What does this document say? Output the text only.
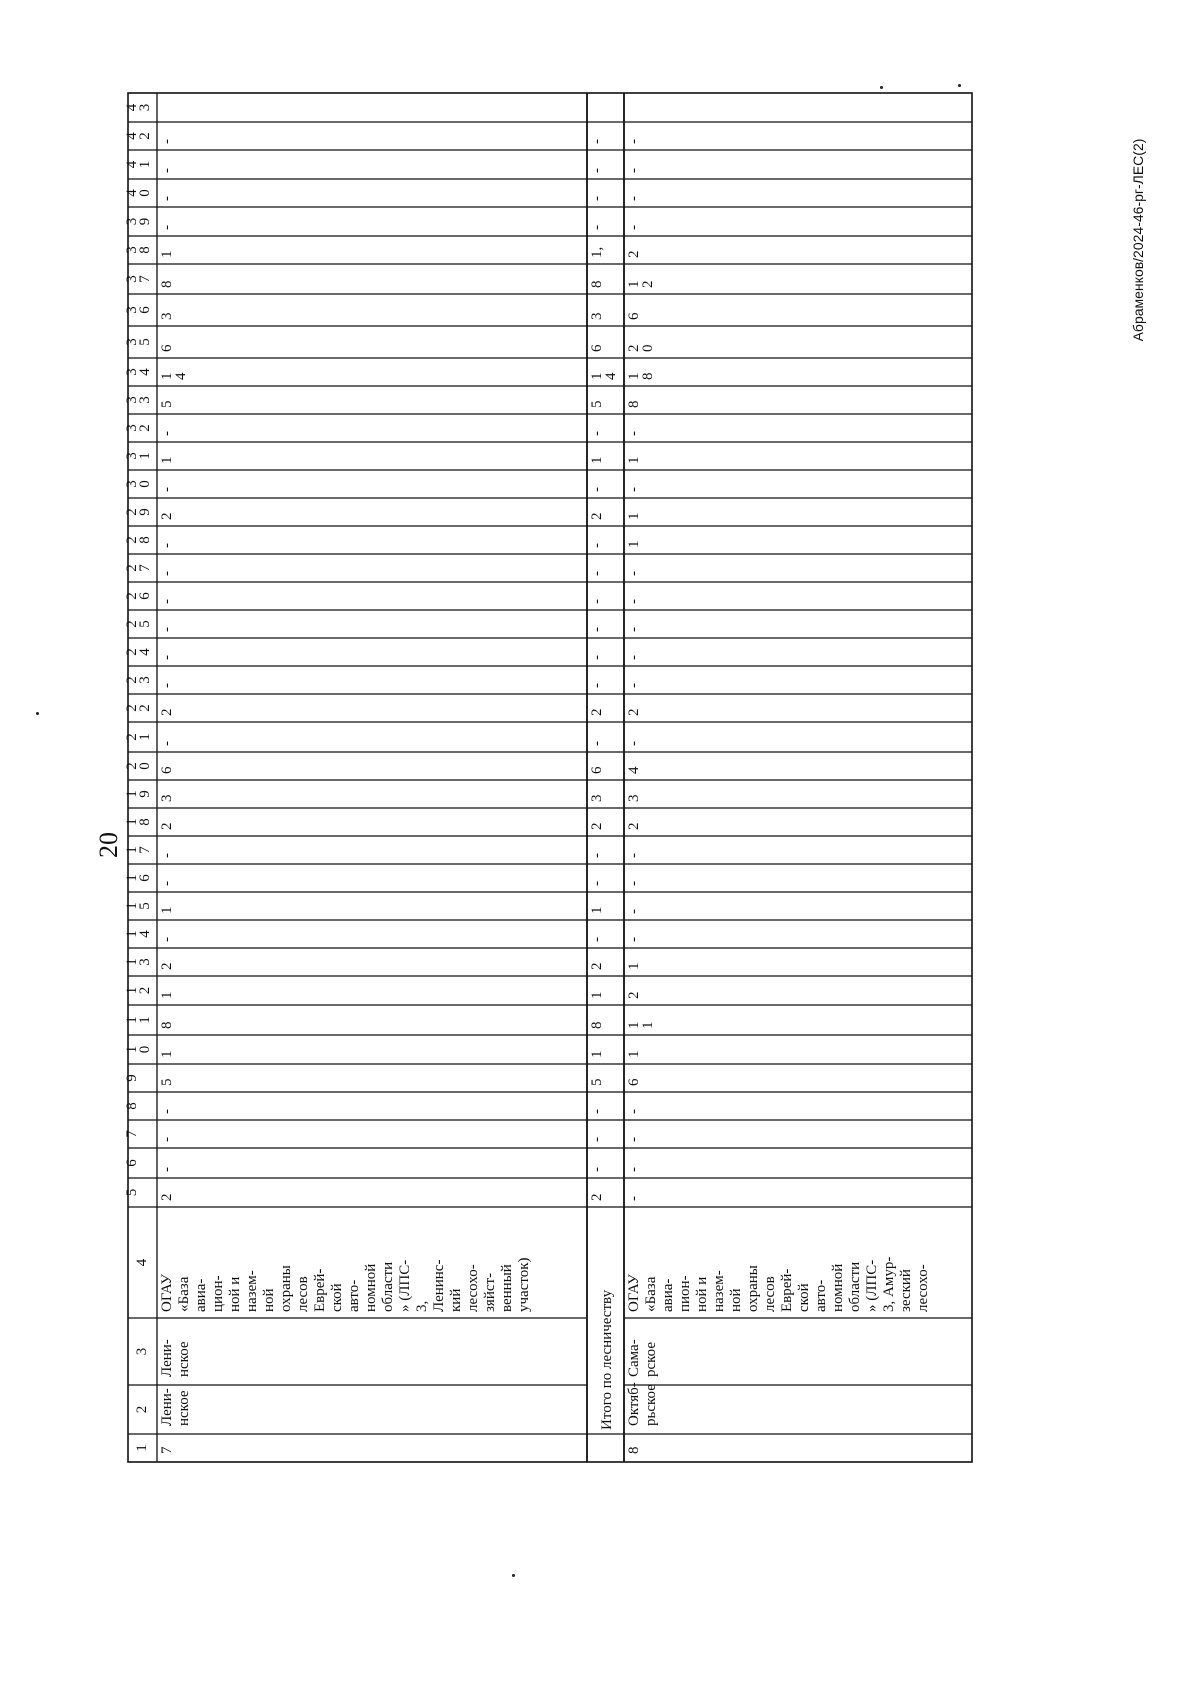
20
Абраменков/2024-46-рг-ЛЕС(2)
1
2
3
4
5
6
7
8
9
1
0
1
1
1
2
1
3
1
4
1
5
1
6
1
7
1
8
1
9
2
0
2
1
2
2
2
3
2
4
2
5
2
6
2
7
2
8
2
9
3
0
3
1
3
2
3
3
3
4
3
5
3
6
3
7
3
8
3
9
4
0
4
1
4
2
4
3
2
-
-
-
5
1
8
1
2
-
1
-
-
2
3
6
-
2
-
-
-
-
-
-
2
-
1
-
5
1
4
6
3
8
1
-
-
-
-
7
Лени- нское
Лени- нское
ОГАУ «База авиа- цион- ной и назем- ной охраны лесов Еврей- ской авто- номной области » (ЛПС- 3, Ленинс- кий лесохо- зяйст- венный участок)
-
-
-
-
6
1
1
1
2
1
-
-
-
-
2
3
4
-
2
-
-
-
-
-
1
1
-
1
-
8
1
8
2
0
6
1
2
2
-
-
-
-
8
Октяб- рьское
Сама- рское
ОГАУ «База авиа- пион- ной и назем- ной охраны лесов Еврей- ской авто- номной области » (ЛПС- 3, Амур- зеский лесохо-
2
-
-
-
5
1
8
1
2
-
1
-
-
2
3
6
-
2
-
-
-
-
-
-
2
-
1
-
5
1
4
6
3
8
1,
-
-
-
-
Итого по лесничеству
